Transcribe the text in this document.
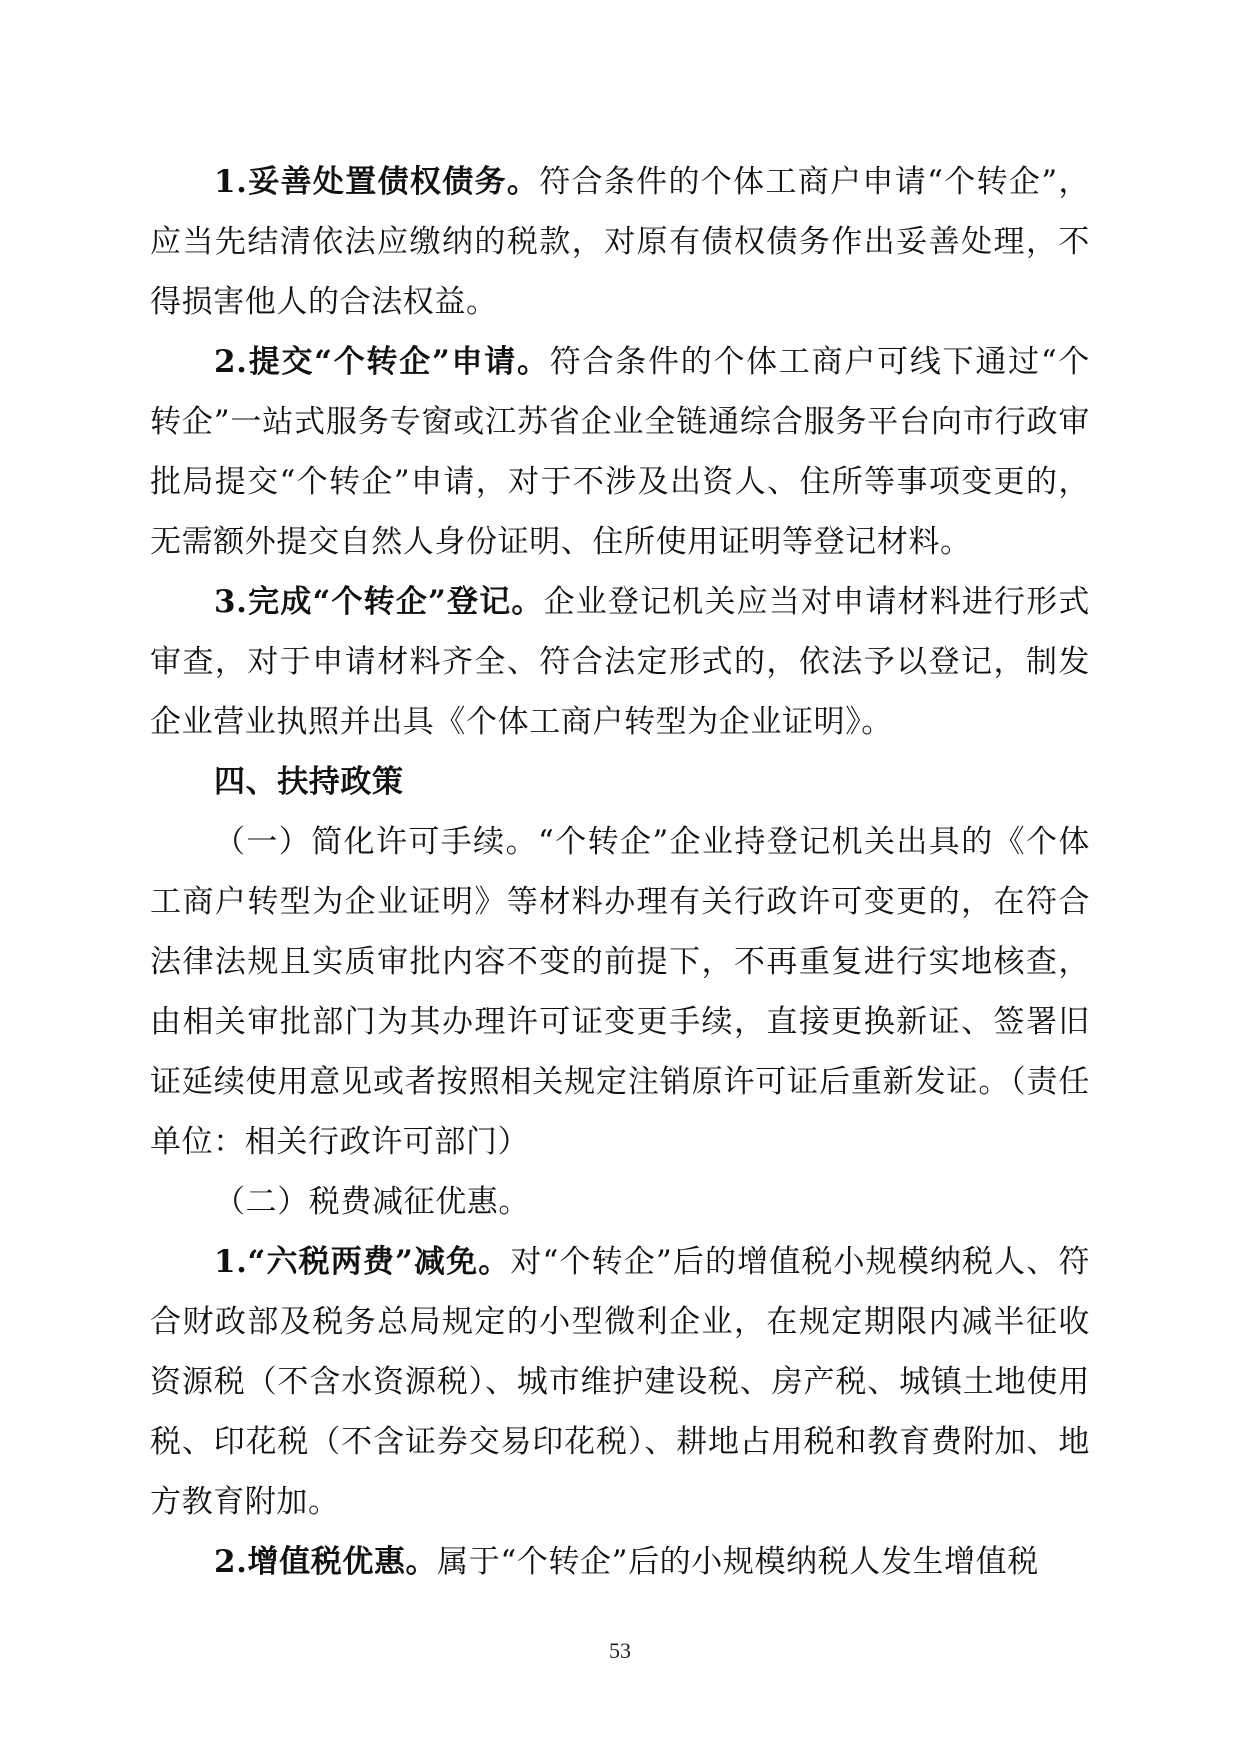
1.妥善处置债权债务。符合条件的个体工商户申请“个转企”，应当先结清依法应缴纳的税款，对原有债权债务作出妥善处理，不得损害他人的合法权益。

2.提交“个转企”申请。符合条件的个体工商户可线下通过“个转企”一站式服务专窗或江苏省企业全链通综合服务平台向市行政审批局提交“个转企”申请，对于不涉及出资人、住所等事项变更的，无需额外提交自然人身份证明、住所使用证明等登记材料。

3.完成“个转企”登记。企业登记机关应当对申请材料进行形式审查，对于申请材料齐全、符合法定形式的，依法予以登记，制发企业营业执照并出具《个体工商户转型为企业证明》。

四、扶持政策

（一）简化许可手续。“个转企”企业持登记机关出具的《个体工商户转型为企业证明》等材料办理有关行政许可变更的，在符合法律法规且实质审批内容不变的前提下，不再重复进行实地核查，由相关审批部门为其办理许可证变更手续，直接更换新证、签署旧证延续使用意见或者按照相关规定注销原许可证后重新发证。（责任单位：相关行政许可部门）

（二）税费减征优惠。

1.“六税两费”减免。对“个转企”后的增值税小规模纳税人、符合财政部及税务总局规定的小型微利企业，在规定期限内减半征收资源税（不含水资源税）、城市维护建设税、房产税、城镇土地使用税、印花税（不含证券交易印花税）、耕地占用税和教育费附加、地方教育附加。

2.增值税优惠。属于“个转企”后的小规模纳税人发生增值税

53
